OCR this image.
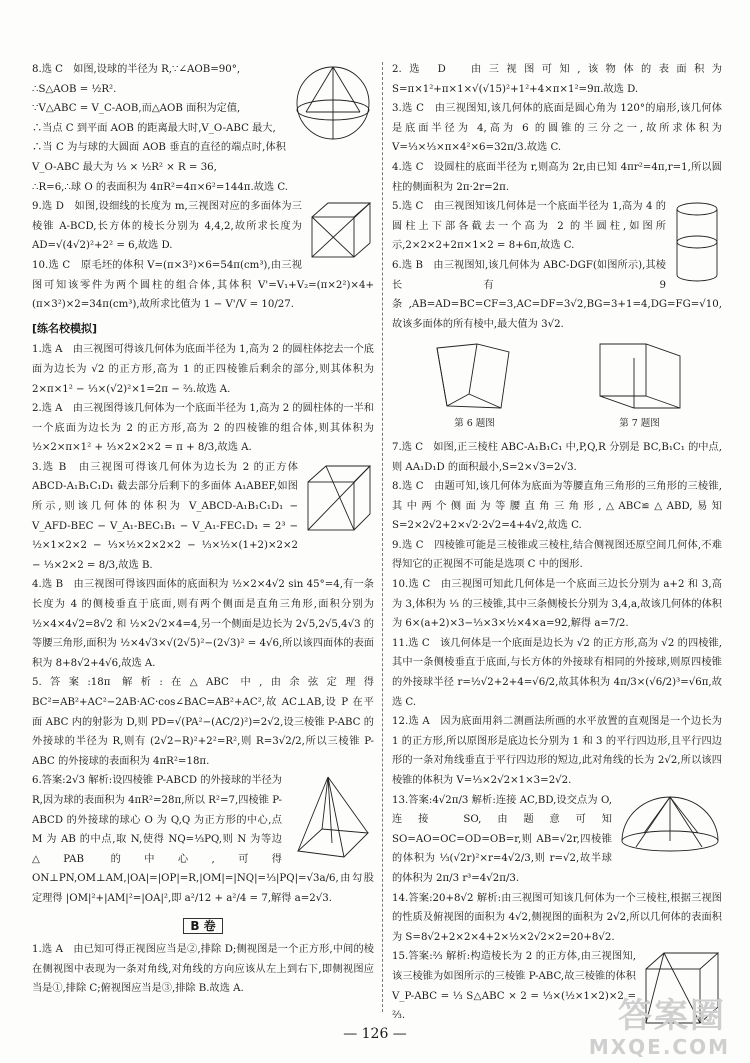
8.选 C　如图,设球的半径为 R,∵∠AOB=90°,

∴S△AOB = ½R².

∵V△ABC = V_C-AOB,而△AOB 面积为定值,

∴当点 C 到平面 AOB 的距离最大时,V_O-ABC 最大,

∴当 C 为与球的大圆面 AOB 垂直的直径的端点时,体积 V_O-ABC 最大为 ⅓ × ½R² × R = 36,

∴R=6,∴球 O 的表面积为 4πR²=4π×6²=144π.故选 C.

9.选 D　如图,设细线的长度为 m,三视图对应的多面体为三棱锥 A-BCD,长方体的棱长分别为 4,4,2,故所求长度为 AD=√(4√2)²+2² = 6,故选 D.

10.选 C　原毛坯的体积 V=(π×3²)×6=54π(cm³),由三视图可知该零件为两个圆柱的组合体,其体积 V'=V₁+V₂=(π×2²)×4+(π×3²)×2=34π(cm³),故所求比值为 1 − V'/V = 10/27.

[练名校模拟]

1.选 A　由三视图可得该几何体为底面半径为 1,高为 2 的圆柱体挖去一个底面为边长为 √2 的正方形,高为 1 的正四棱锥后剩余的部分,则其体积为 2×π×1² − ⅓×(√2)²×1=2π − ⅔.故选 A.

2.选 A　由三视图得该几何体为一个底面半径为 1,高为 2 的圆柱体的一半和一个底面为边长为 2 的正方形,高为 2 的四棱锥的组合体,则其体积为 ½×2×π×1² + ⅓×2×2×2 = π + 8/3,故选 A.

3.选 B　由三视图可得该几何体为边长为 2 的正方体 ABCD-A₁B₁C₁D₁ 截去部分后剩下的多面体 A₁ABEF,如图所示,则该几何体的体积为 V_ABCD-A₁B₁C₁D₁ − V_AFD-BEC − V_A₁-BEC₁B₁ − V_A₁-FEC₁D₁ = 2³ − ½×1×2×2 − ⅓×½×2×2×2 − ⅓×½×(1+2)×2×2 − ⅓×2×2 = 8/3,故选 B.

4.选 B　由三视图可得该四面体的底面积为 ½×2×4√2 sin 45°=4,有一条长度为 4 的侧棱垂直于底面,则有两个侧面是直角三角形,面积分别为 ½×4×4√2=8√2 和 ½×2√2×4=4,另一个侧面是边长为 2√5,2√5,4√3 的等腰三角形,面积为 ½×4√3×√(2√5)²−(2√3)² = 4√6,所以该四面体的表面积为 8+8√2+4√6,故选 A.

5.答案:18π 解析:在△ABC 中,由余弦定理得 BC²=AB²+AC²−2AB·AC·cos∠BAC=AB²+AC²,故 AC⊥AB,设 P 在平面 ABC 内的射影为 D,则 PD=√(PA²−(AC/2)²)=2√2,设三棱锥 P-ABC 的外接球的半径为 R,则有 (2√2−R)²+2²=R²,则 R=3√2/2,所以三棱锥 P-ABC 的外接球的表面积为 4πR²=18π.

6.答案:2√3 解析:设四棱锥 P-ABCD 的外接球的半径为 R,因为球的表面积为 4πR²=28π,所以 R²=7,四棱锥 P-ABCD 的外接球的球心 O 为 Q,Q 为正方形的中心,点 M 为 AB 的中点,取 N,使得 NQ=⅓PQ,则 N 为等边△PAB 的中心,可得 ON⊥PN,OM⊥AM,|OA|=|OP|=R,|OM|=|NQ|=⅓|PQ|=√3a/6,由勾股定理得 |OM|²+|AM|²=|OA|²,即 a²/12 + a²/4 = 7,解得 a=2√3.

B 卷

1.选 A　由已知可得正视图应当是②,排除 D;侧视图是一个正方形,中间的棱在侧视图中表现为一条对角线,对角线的方向应该从左上到右下,即侧视图应当是①,排除 C;俯视图应当是③,排除 B.故选 A.

2.选 D　由三视图可知,该物体的表面积为 S=π×1²+π×1×√(√15)²+1²+4×π×1²=9π.故选 D.

3.选 C　由三视图知,该几何体的底面是圆心角为 120°的扇形,该几何体是底面半径为 4,高为 6 的圆锥的三分之一,故所求体积为 V=⅓×⅓×π×4²×6=32π/3.故选 C.

4.选 C　设圆柱的底面半径为 r,则高为 2r,由已知 4πr²=4π,r=1,所以圆柱的侧面积为 2π·2r=2π.

5.选 C　由三视图知该几何体是一个底面半径为 1,高为 4 的圆柱上下部各截去一个高为 2 的半圆柱,如图所示,2×2×2+2π×1×2 = 8+6π,故选 C.

6.选 B　由三视图知,该几何体为 ABC-DGF(如图所示),其棱长有 9 条,AB=AD=BC=CF=3,AC=DF=3√2,BG=3+1=4,DG=FG=√10,故该多面体的所有棱中,最大值为 3√2.

第 6 题图	第 7 题图

7.选 C　如图,正三棱柱 ABC-A₁B₁C₁ 中,P,Q,R 分别是 BC,B₁C₁ 的中点,则 AA₁D₁D 的面积最小,S=2×√3=2√3.

8.选 C　由题可知,该几何体为底面为等腰直角三角形的三角形的三棱锥,其中两个侧面为等腰直角三角形,△ABC≌△ABD,易知 S=2×2√2+2×√2·2√2=4+4√2,故选 C.

9.选 C　四棱锥可能是三棱锥或三棱柱,结合侧视图还原空间几何体,不难得知它的正视图不可能是选项 C 中的图形.

10.选 C　由三视图可知此几何体是一个底面三边长分别为 a+2 和 3,高为 3,体积为 ⅓ 的三棱锥,其中三条侧棱长分别为 3,4,a,故该几何体的体积为 6×(a+2)×3−⅓×3×½×4×a=92,解得 a=7/2.

11.选 C　该几何体是一个底面是边长为 √2 的正方形,高为 √2 的四棱锥,其中一条侧棱垂直于底面,与长方体的外接球有相同的外接球,则原四棱锥的外接球半径 r=½√2+2+4=√6/2,故其体积为 4π/3×(√6/2)³=√6π,故选 C.

12.选 A　因为底面用斜二测画法所画的水平放置的直观图是一个边长为 1 的正方形,所以原图形是底边长分别为 1 和 3 的平行四边形,且平行四边形的一条对角线垂直于平行四边形的短边,此对角线的长为 2√2,所以该四棱锥的体积为 V=⅓×2√2×1×3=2√2.

13.答案:4√2π/3 解析:连接 AC,BD,设交点为 O,连接 SO,由题意可知 SO=AO=OC=OD=OB=r,则 AB=√2r,四棱锥的体积为 ⅓(√2r)²×r=4√2/3,则 r=√2,故半球的体积为 2π/3 r³=4√2π/3.

14.答案:20+8√2 解析:由三视图可知该几何体为一个三棱柱,根据三视图的性质及俯视图的面积为 4√2,侧视图的面积为 2√2,所以几何体的表面积为 S=8√2+2×2×4+2×½×2√2×2=20+8√2.

15.答案:⅔ 解析:构造棱长为 2 的正方体,由三视图知,该三棱锥为如图所示的三棱锥 P-ABC,故三棱锥的体积 V_P-ABC = ⅓ S△ABC × 2 = ⅓×(½×1×2)×2 = ⅔.

— 126 —	答案圈
MXQE.COM
